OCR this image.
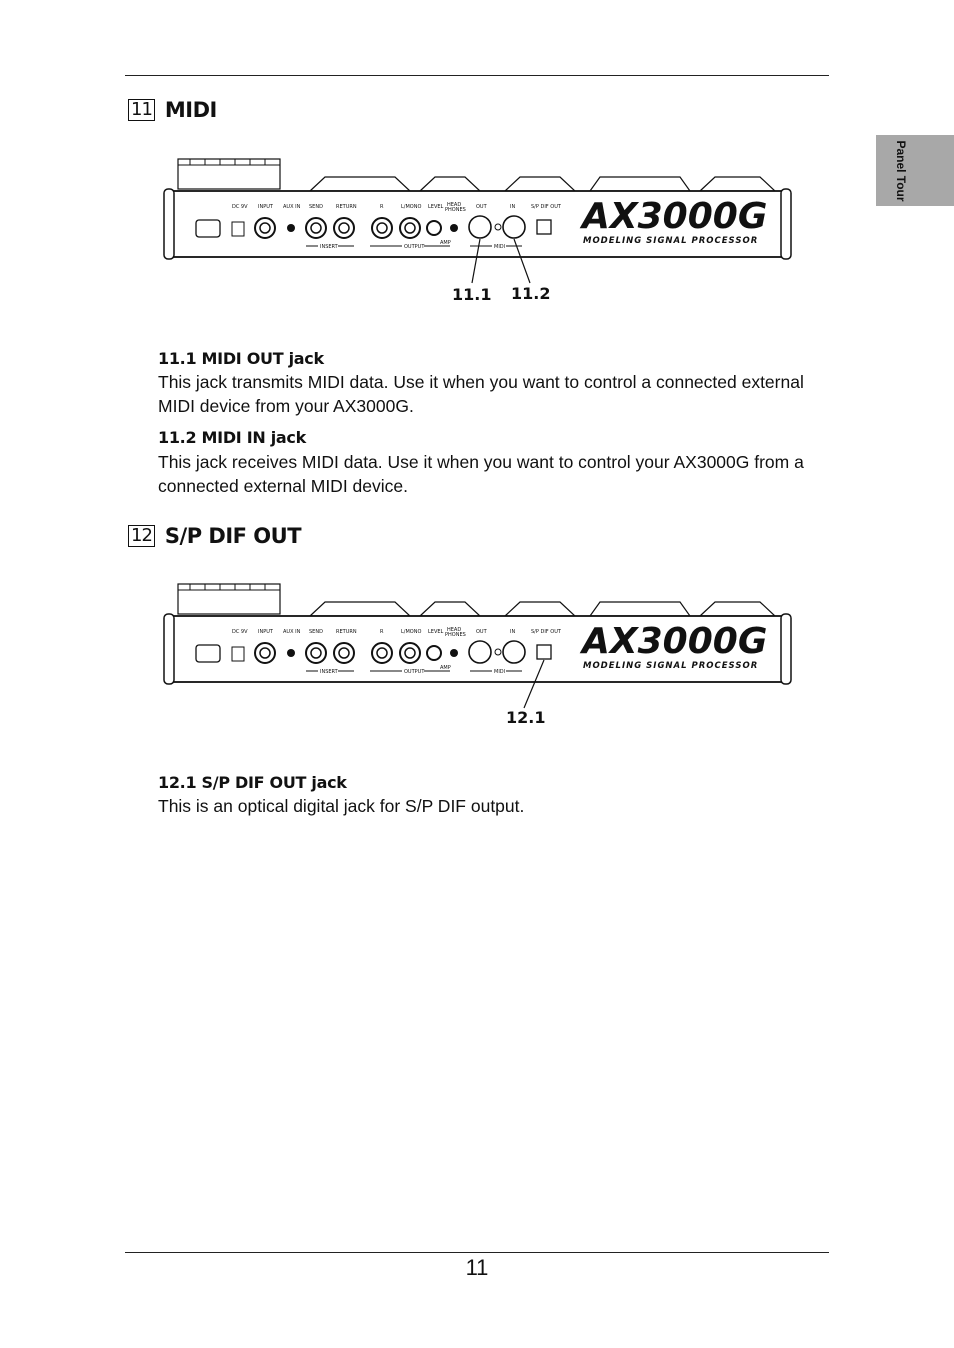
Panel Tour
11 MIDI
DC 9V INPUT AUX IN SEND	RETURN	R	L/MONO LEVEL HEAD
PHONES OUT	IN	S/P DIF OUT
INSERT	OUTPUT
AMP
MIDI
AX3000G
MODELING SIGNAL PROCESSOR
11.1 11.2
11.1 MIDI OUT jack
This jack transmits MIDI data. Use it when you want to control a connected external MIDI device from your AX3000G.
11.2 MIDI IN jack
This jack receives MIDI data. Use it when you want to control your AX3000G from a connected external MIDI device.
12 S/P DIF OUT
DC 9V INPUT AUX IN SEND	RETURN	R	L/MONO LEVEL HEAD
PHONES OUT	IN	S/P DIF OUT
INSERT	OUTPUT
AMP
MIDI
AX3000G
MODELING SIGNAL PROCESSOR
12.1
12.1 S/P DIF OUT jack
This is an optical digital jack for S/P DIF output.
11
